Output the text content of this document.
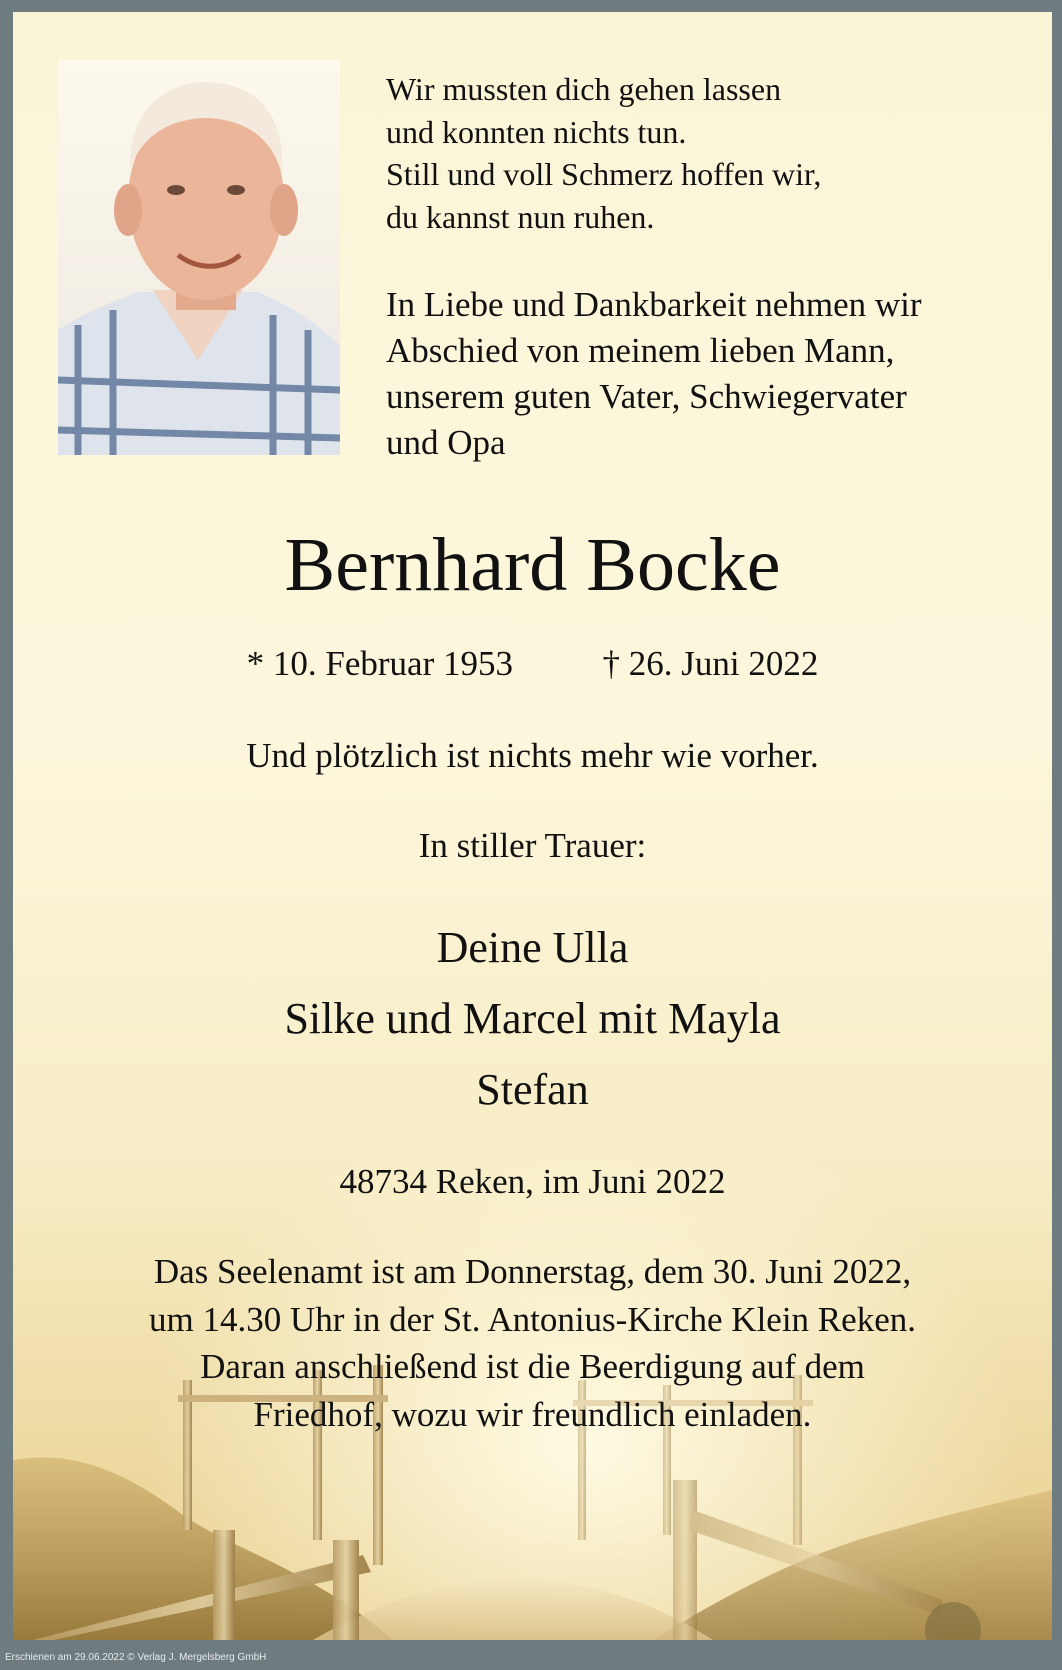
Wir mussten dich gehen lassen
und konnten nichts tun.
Still und voll Schmerz hoffen wir,
du kannst nun ruhen.

In Liebe und Dankbarkeit nehmen wir
Abschied von meinem lieben Mann,
unserem guten Vater, Schwiegervater
und Opa

Bernhard Bocke

* 10. Februar 1953	† 26. Juni 2022

Und plötzlich ist nichts mehr wie vorher.

In stiller Trauer:

Deine Ulla
Silke und Marcel mit Mayla
Stefan

48734 Reken, im Juni 2022

Das Seelenamt ist am Donnerstag, dem 30. Juni 2022,
um 14.30 Uhr in der St. Antonius-Kirche Klein Reken.
Daran anschließend ist die Beerdigung auf dem
Friedhof, wozu wir freundlich einladen.

Erschienen am 29.06.2022 © Verlag J. Mergelsberg GmbH
